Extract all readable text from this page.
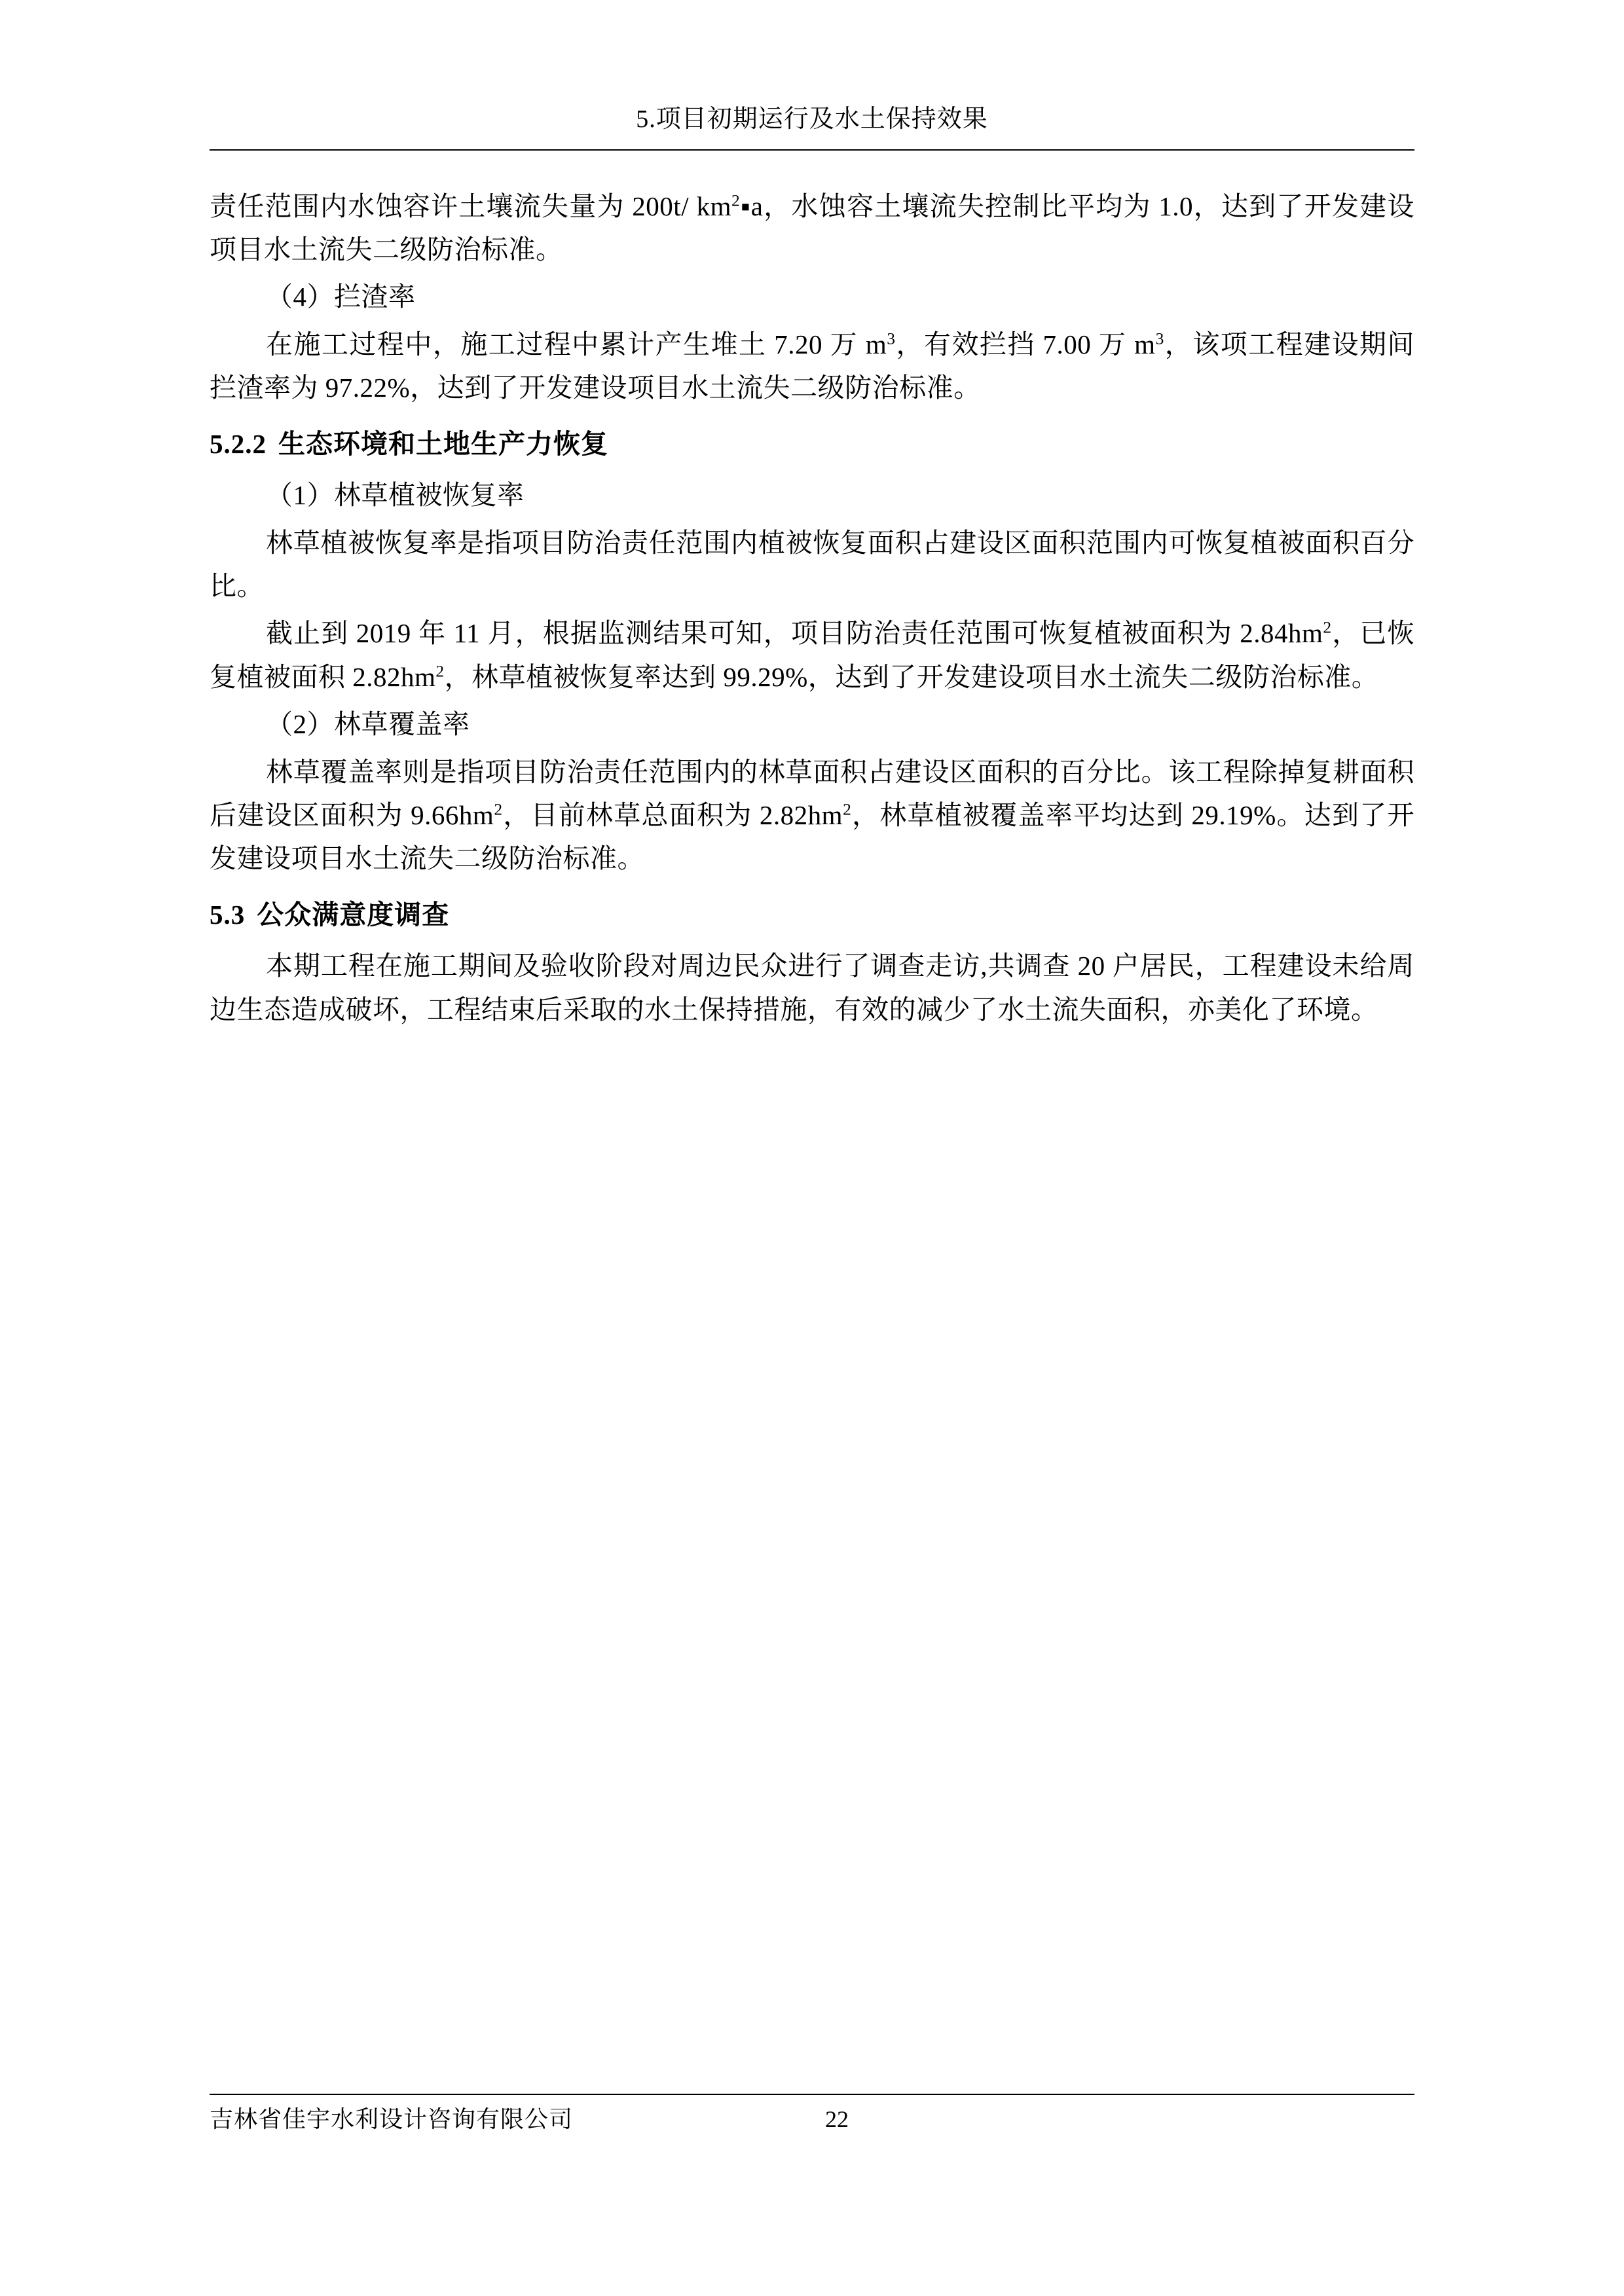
5.项目初期运行及水土保持效果

责任范围内水蚀容许土壤流失量为 200t/ $km^2▪a$，水蚀容土壤流失控制比平均为 1.0，达到了开发建设项目水土流失二级防治标准。

（4）拦渣率

在施工过程中，施工过程中累计产生堆土 7.20 万 $m^3$，有效拦挡 7.00 万 $m^3$，该项工程建设期间拦渣率为 97.22%，达到了开发建设项目水土流失二级防治标准。

5.2.2 生态环境和土地生产力恢复

（1）林草植被恢复率

林草植被恢复率是指项目防治责任范围内植被恢复面积占建设区面积范围内可恢复植被面积百分比。

截止到 2019 年 11 月，根据监测结果可知，项目防治责任范围可恢复植被面积为 $2.84hm^2$，已恢复植被面积 $2.82hm^2$，林草植被恢复率达到 99.29%，达到了开发建设项目水土流失二级防治标准。

（2）林草覆盖率

林草覆盖率则是指项目防治责任范围内的林草面积占建设区面积的百分比。该工程除掉复耕面积后建设区面积为 $9.66hm^2$，目前林草总面积为 $2.82hm^2$，林草植被覆盖率平均达到 29.19%。达到了开发建设项目水土流失二级防治标准。

5.3 公众满意度调查

本期工程在施工期间及验收阶段对周边民众进行了调查走访,共调查 20 户居民，工程建设未给周边生态造成破坏，工程结束后采取的水土保持措施，有效的减少了水土流失面积，亦美化了环境。

吉林省佳宇水利设计咨询有限公司	22
